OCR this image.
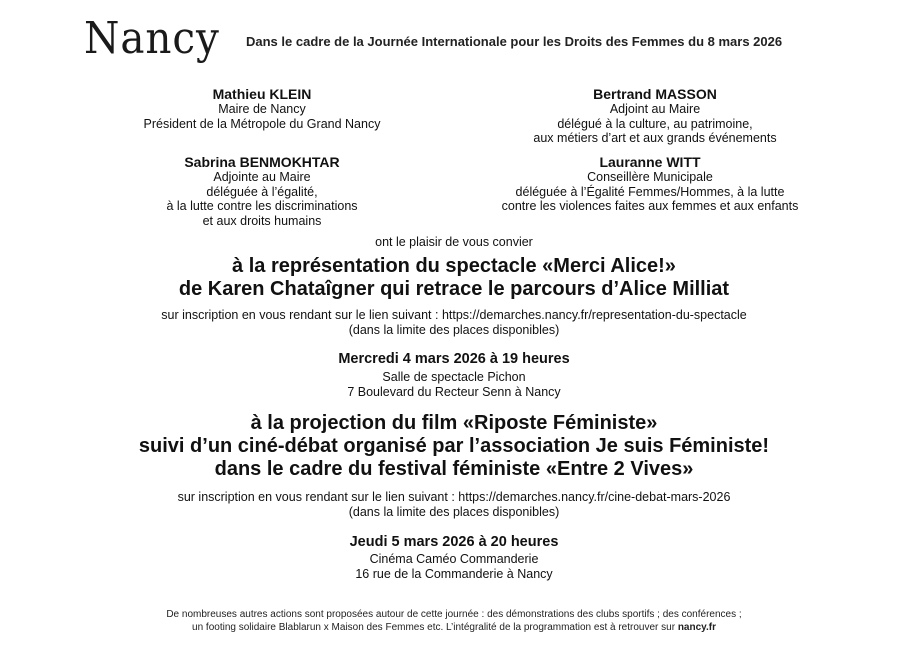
Nancy Dans le cadre de la Journée Internationale pour les Droits des Femmes du 8 mars 2026
Mathieu KLEIN
Maire de Nancy
Président de la Métropole du Grand Nancy
Bertrand MASSON
Adjoint au Maire
délégué à la culture, au patrimoine,
aux métiers d’art et aux grands événements
Sabrina BENMOKHTAR
Adjointe au Maire
déléguée à l’égalité,
à la lutte contre les discriminations
et aux droits humains
Lauranne WITT
Conseillère Municipale
déléguée à l’Égalité Femmes/Hommes, à la lutte
contre les violences faites aux femmes et aux enfants
ont le plaisir de vous convier
à la représentation du spectacle «Merci Alice!»
de Karen Chataîgner qui retrace le parcours d’Alice Milliat
sur inscription en vous rendant sur le lien suivant : https://demarches.nancy.fr/representation-du-spectacle
(dans la limite des places disponibles)
Mercredi 4 mars 2026 à 19 heures
Salle de spectacle Pichon
7 Boulevard du Recteur Senn à Nancy
à la projection du film «Riposte Féministe»
suivi d’un ciné-débat organisé par l’association Je suis Féministe!
dans le cadre du festival féministe «Entre 2 Vives»
sur inscription en vous rendant sur le lien suivant : https://demarches.nancy.fr/cine-debat-mars-2026
(dans la limite des places disponibles)
Jeudi 5 mars 2026 à 20 heures
Cinéma Caméo Commanderie
16 rue de la Commanderie à Nancy
De nombreuses autres actions sont proposées autour de cette journée : des démonstrations des clubs sportifs ; des conférences ;
un footing solidaire Blablarun x Maison des Femmes etc. L’intégralité de la programmation est à retrouver sur nancy.fr
